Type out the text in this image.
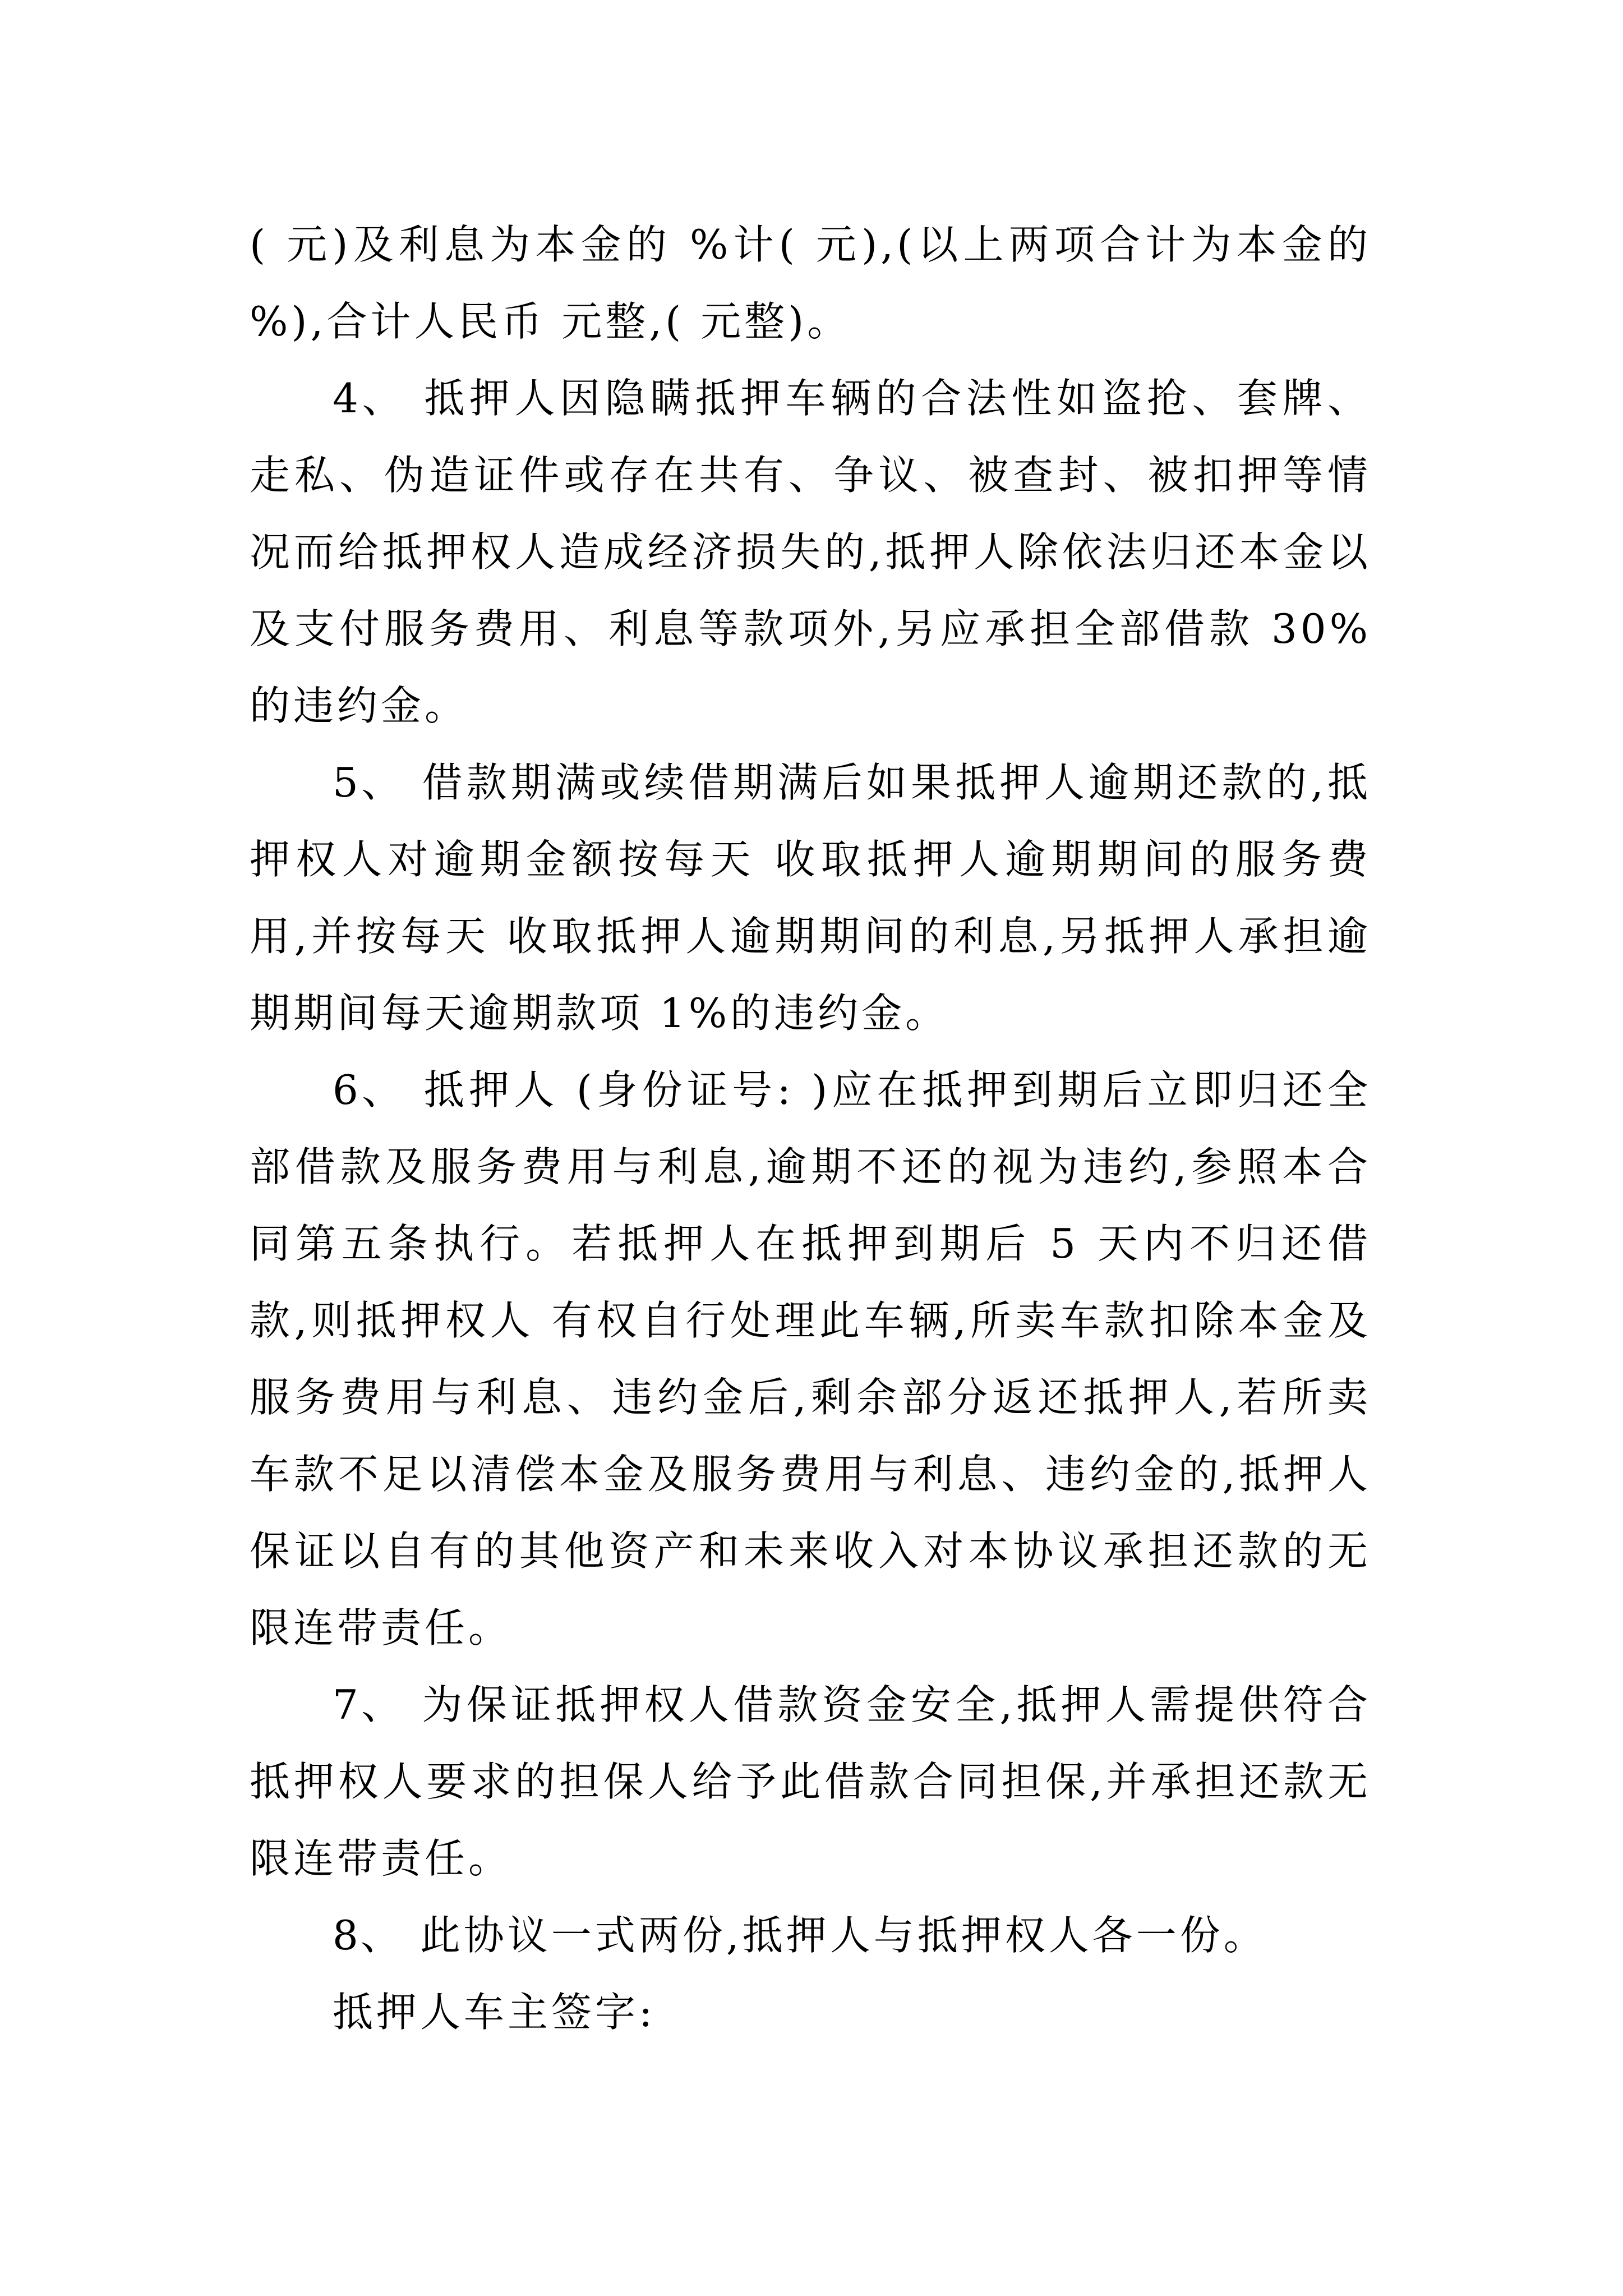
( 元)及利息为本金的 %计( 元),(以上两项合计为本金的 %),合计人民币 元整,( 元整)。

4、 抵押人因隐瞒抵押车辆的合法性如盗抢、套牌、走私、伪造证件或存在共有、争议、被查封、被扣押等情况而给抵押权人造成经济损失的,抵押人除依法归还本金以及支付服务费用、利息等款项外,另应承担全部借款 30%的违约金。

5、 借款期满或续借期满后如果抵押人逾期还款的,抵押权人对逾期金额按每天 收取抵押人逾期期间的服务费用,并按每天 收取抵押人逾期期间的利息,另抵押人承担逾期期间每天逾期款项 1%的违约金。

6、 抵押人 (身份证号: )应在抵押到期后立即归还全部借款及服务费用与利息,逾期不还的视为违约,参照本合同第五条执行。若抵押人在抵押到期后 5 天内不归还借款,则抵押权人 有权自行处理此车辆,所卖车款扣除本金及服务费用与利息、违约金后,剩余部分返还抵押人,若所卖车款不足以清偿本金及服务费用与利息、违约金的,抵押人保证以自有的其他资产和未来收入对本协议承担还款的无限连带责任。

7、 为保证抵押权人借款资金安全,抵押人需提供符合抵押权人要求的担保人给予此借款合同担保,并承担还款无限连带责任。

8、 此协议一式两份,抵押人与抵押权人各一份。

抵押人车主签字:
